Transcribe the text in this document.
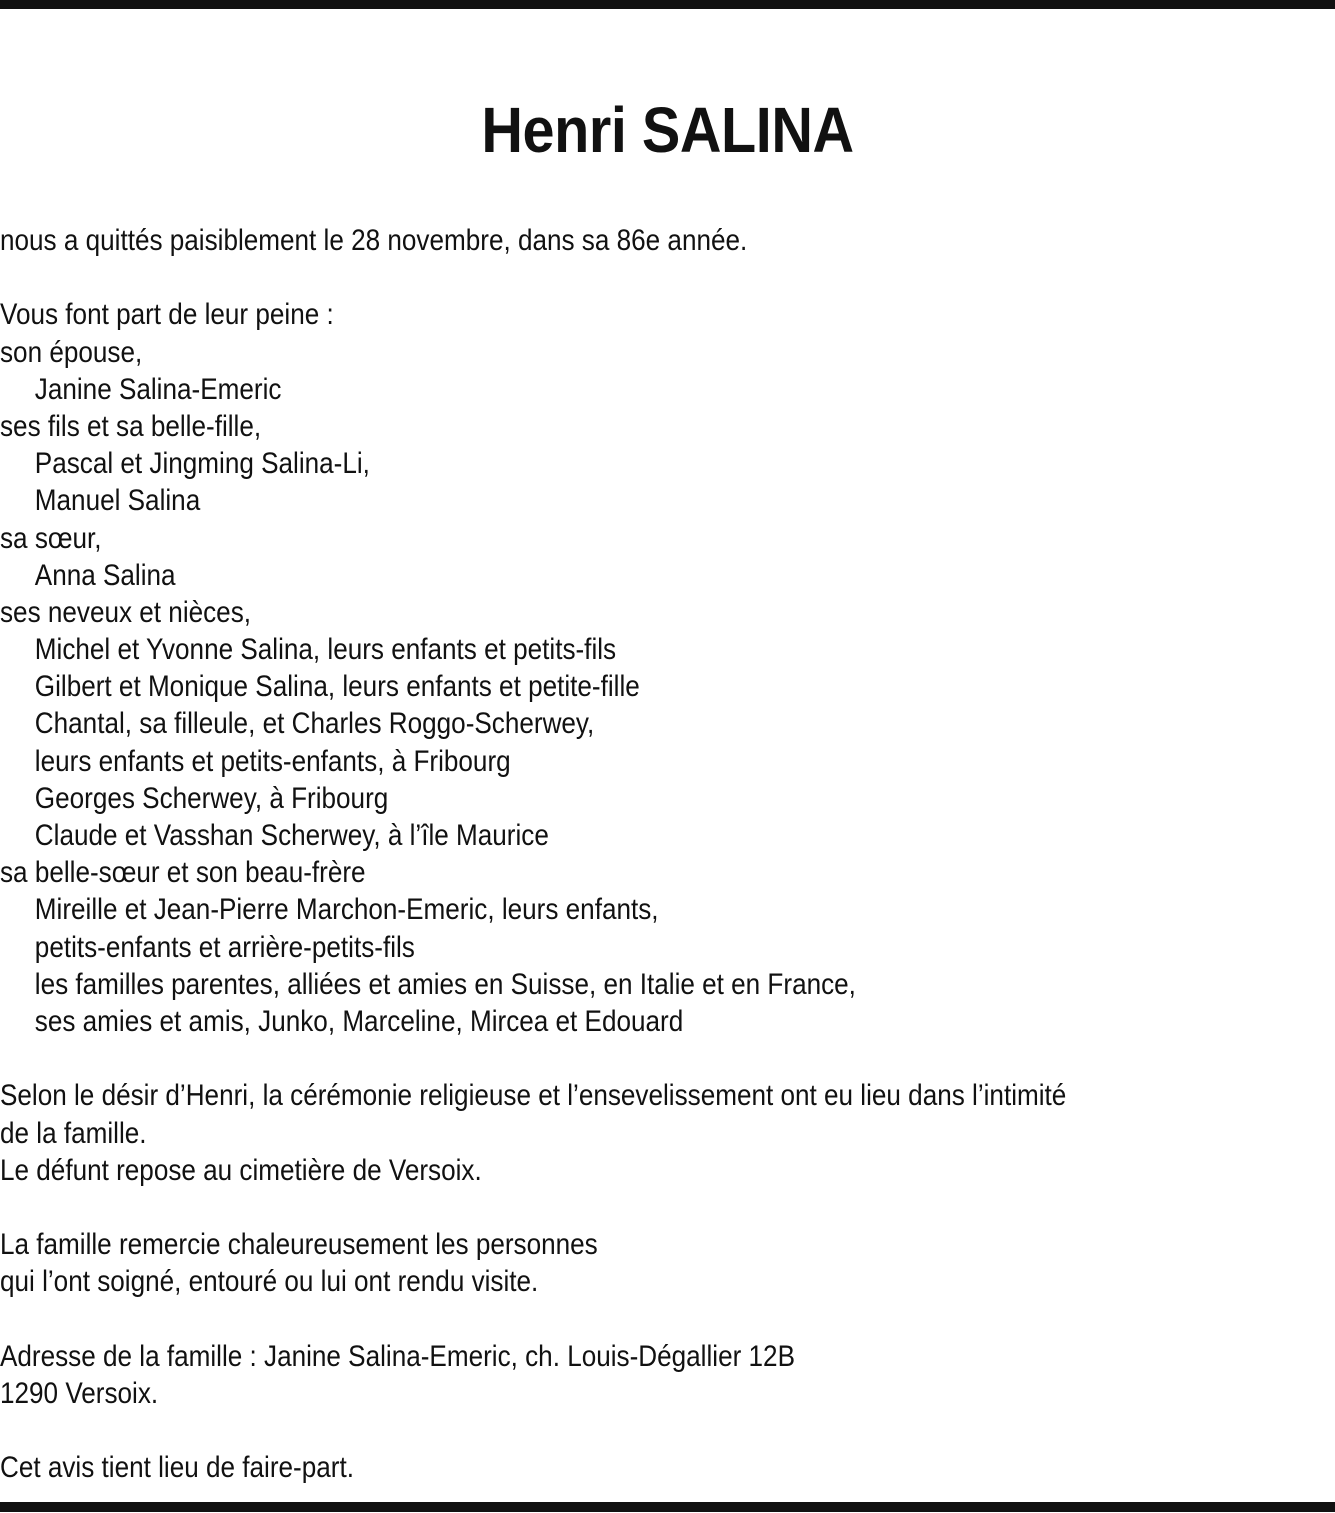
Henri SALINA
nous a quittés paisiblement le 28 novembre, dans sa 86e année.
Vous font part de leur peine :
son épouse,
Janine Salina-Emeric
ses fils et sa belle-fille,
Pascal et Jingming Salina-Li,
Manuel Salina
sa sœur,
Anna Salina
ses neveux et nièces,
Michel et Yvonne Salina, leurs enfants et petits-fils
Gilbert et Monique Salina, leurs enfants et petite-fille
Chantal, sa filleule, et Charles Roggo-Scherwey,
leurs enfants et petits-enfants, à Fribourg
Georges Scherwey, à Fribourg
Claude et Vasshan Scherwey, à l’île Maurice
sa belle-sœur et son beau-frère
Mireille et Jean-Pierre Marchon-Emeric, leurs enfants,
petits-enfants et arrière-petits-fils
les familles parentes, alliées et amies en Suisse, en Italie et en France,
ses amies et amis, Junko, Marceline, Mircea et Edouard
Selon le désir d’Henri, la cérémonie religieuse et l’ensevelissement ont eu lieu dans l’intimité
de la famille.
Le défunt repose au cimetière de Versoix.
La famille remercie chaleureusement les personnes
qui l’ont soigné, entouré ou lui ont rendu visite.
Adresse de la famille : Janine Salina-Emeric, ch. Louis-Dégallier 12B
1290 Versoix.
Cet avis tient lieu de faire-part.
